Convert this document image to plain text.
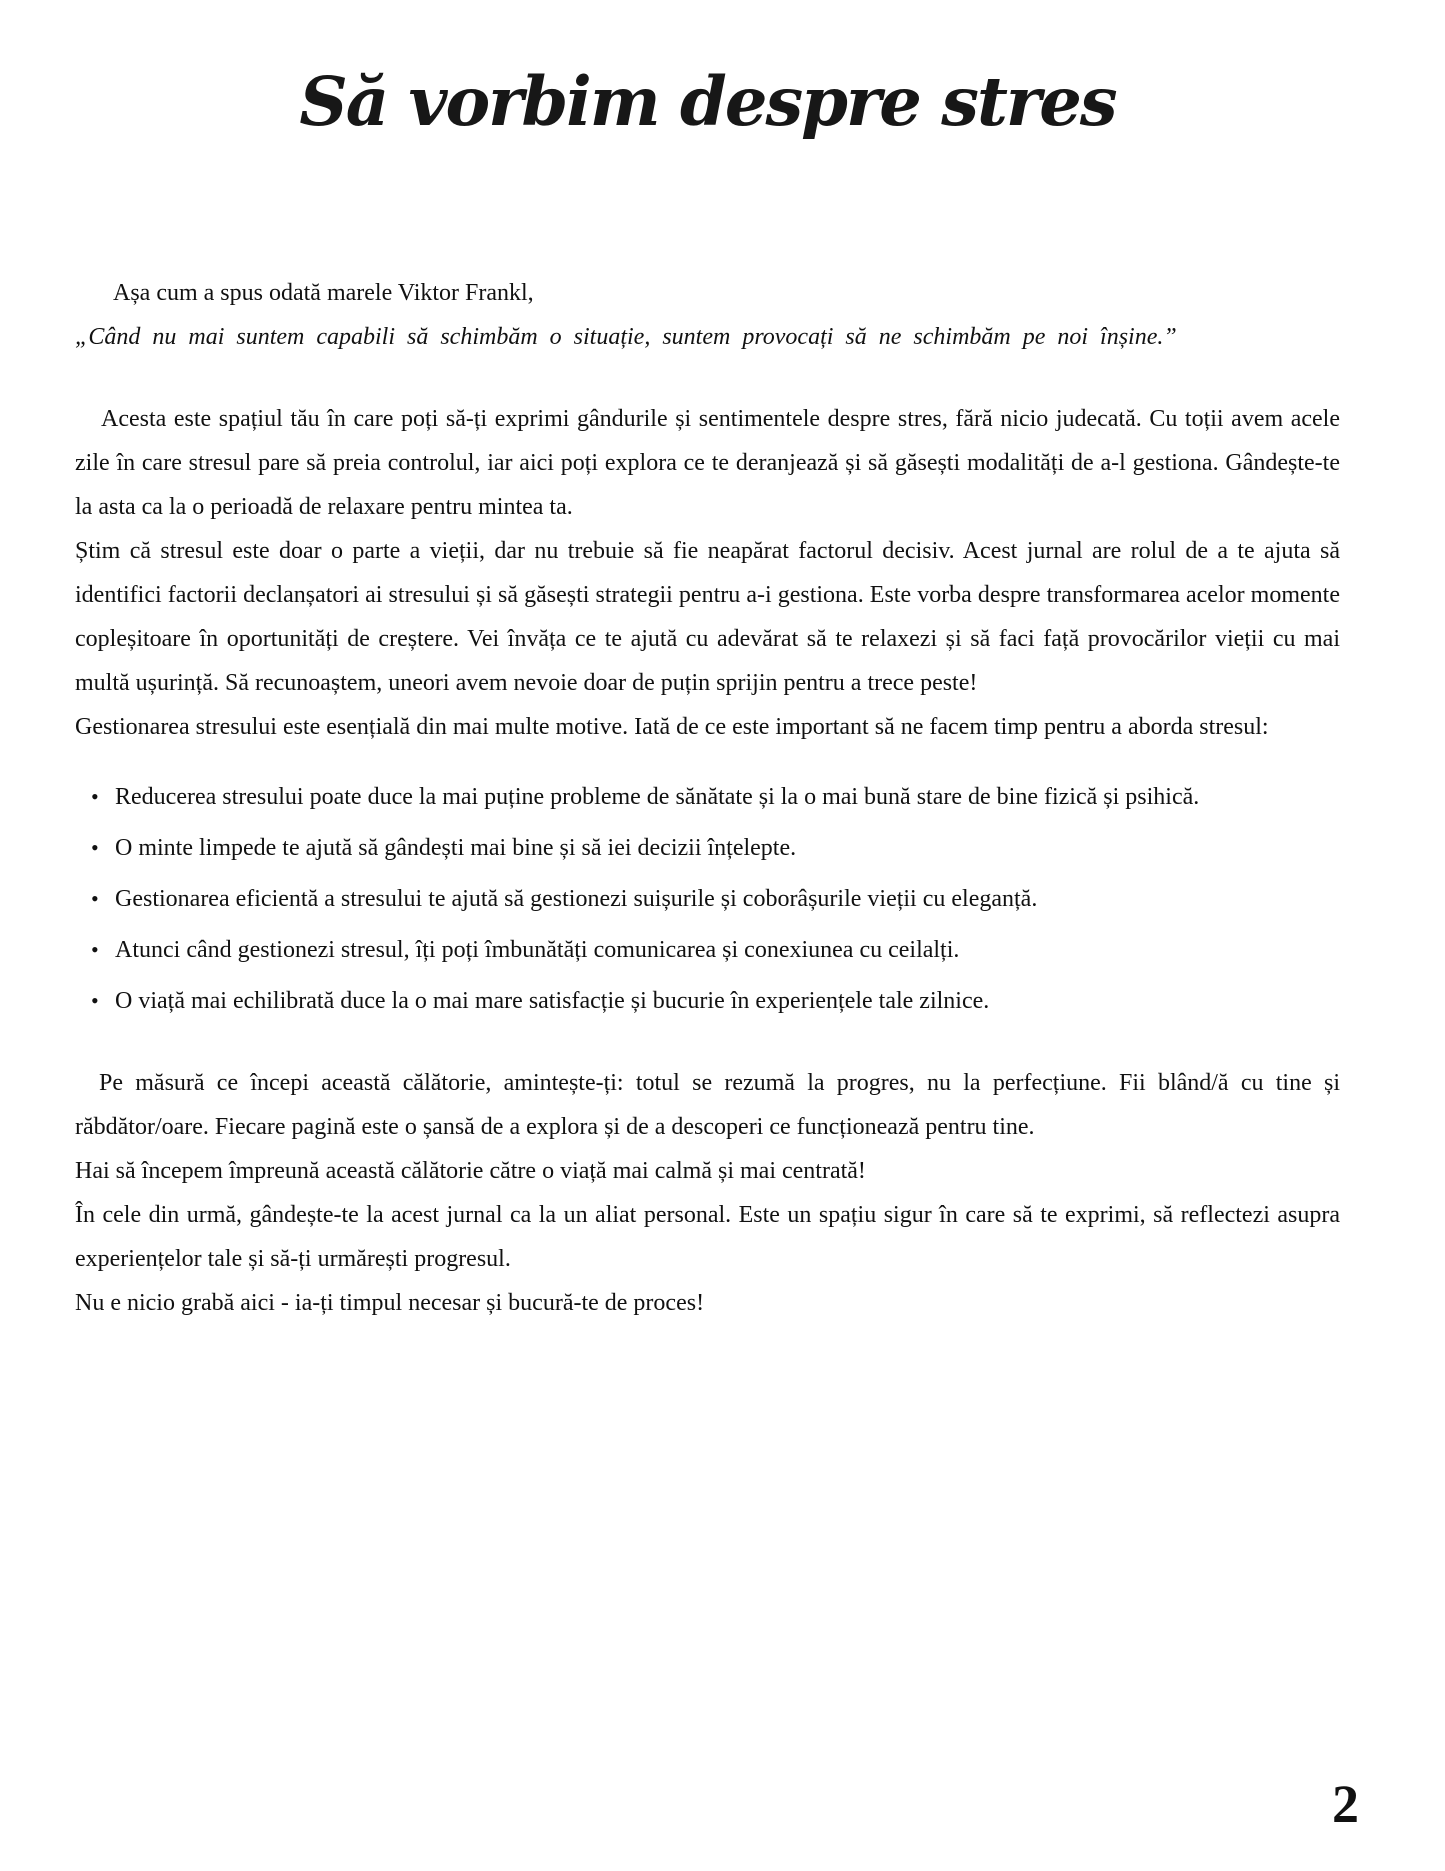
Să vorbim despre stres

Așa cum a spus odată marele Viktor Frankl,

„Când nu mai suntem capabili să schimbăm o situație, suntem provocați să ne schimbăm pe noi înșine.”

Acesta este spațiul tău în care poți să-ți exprimi gândurile și sentimentele despre stres, fără nicio judecată. Cu toții avem acele zile în care stresul pare să preia controlul, iar aici poți explora ce te deranjează și să găsești modalități de a-l gestiona. Gândește-te la asta ca la o perioadă de relaxare pentru mintea ta.

Știm că stresul este doar o parte a vieții, dar nu trebuie să fie neapărat factorul decisiv. Acest jurnal are rolul de a te ajuta să identifici factorii declanșatori ai stresului și să găsești strategii pentru a-i gestiona. Este vorba despre transformarea acelor momente copleșitoare în oportunități de creștere. Vei învăța ce te ajută cu adevărat să te relaxezi și să faci față provocărilor vieții cu mai multă ușurință. Să recunoaștem, uneori avem nevoie doar de puțin sprijin pentru a trece peste!

Gestionarea stresului este esențială din mai multe motive. Iată de ce este important să ne facem timp pentru a aborda stresul:

• Reducerea stresului poate duce la mai puține probleme de sănătate și la o mai bună stare de bine fizică și psihică.
• O minte limpede te ajută să gândești mai bine și să iei decizii înțelepte.
• Gestionarea eficientă a stresului te ajută să gestionezi suișurile și coborâșurile vieții cu eleganță.
• Atunci când gestionezi stresul, îți poți îmbunătăți comunicarea și conexiunea cu ceilalți.
• O viață mai echilibrată duce la o mai mare satisfacție și bucurie în experiențele tale zilnice.

Pe măsură ce începi această călătorie, amintește-ți: totul se rezumă la progres, nu la perfecțiune. Fii blând/ă cu tine și răbdător/oare. Fiecare pagină este o șansă de a explora și de a descoperi ce funcționează pentru tine.

Hai să începem împreună această călătorie către o viață mai calmă și mai centrată!

În cele din urmă, gândește-te la acest jurnal ca la un aliat personal. Este un spațiu sigur în care să te exprimi, să reflectezi asupra experiențelor tale și să-ți urmărești progresul.

Nu e nicio grabă aici - ia-ți timpul necesar și bucură-te de proces!

2
